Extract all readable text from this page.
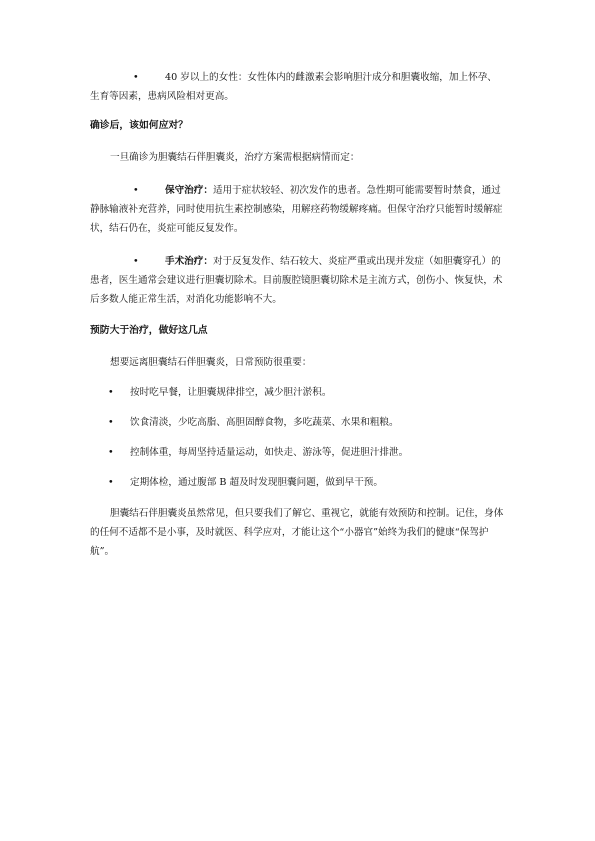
•	40 岁以上的女性：女性体内的雌激素会影响胆汁成分和胆囊收缩，加上怀孕、

生育等因素，患病风险相对更高。

确诊后，该如何应对？

一旦确诊为胆囊结石伴胆囊炎，治疗方案需根据病情而定：

•	保守治疗：适用于症状较轻、初次发作的患者。急性期可能需要暂时禁食，通过静脉输液补充营养，同时使用抗生素控制感染，用解痉药物缓解疼痛。但保守治疗只能暂时缓解症状，结石仍在，炎症可能反复发作。

•	手术治疗：对于反复发作、结石较大、炎症严重或出现并发症（如胆囊穿孔）的患者，医生通常会建议进行胆囊切除术。目前腹腔镜胆囊切除术是主流方式，创伤小、恢复快，术后多数人能正常生活，对消化功能影响不大。

预防大于治疗，做好这几点

想要远离胆囊结石伴胆囊炎，日常预防很重要：

• 按时吃早餐，让胆囊规律排空，减少胆汁淤积。

• 饮食清淡，少吃高脂、高胆固醇食物，多吃蔬菜、水果和粗粮。

• 控制体重，每周坚持适量运动，如快走、游泳等，促进胆汁排泄。

• 定期体检，通过腹部 B 超及时发现胆囊问题，做到早干预。

胆囊结石伴胆囊炎虽然常见，但只要我们了解它、重视它，就能有效预防和控制。记住，身体的任何不适都不是小事，及时就医、科学应对，才能让这个“小器官”始终为我们的健康“保驾护航”。
